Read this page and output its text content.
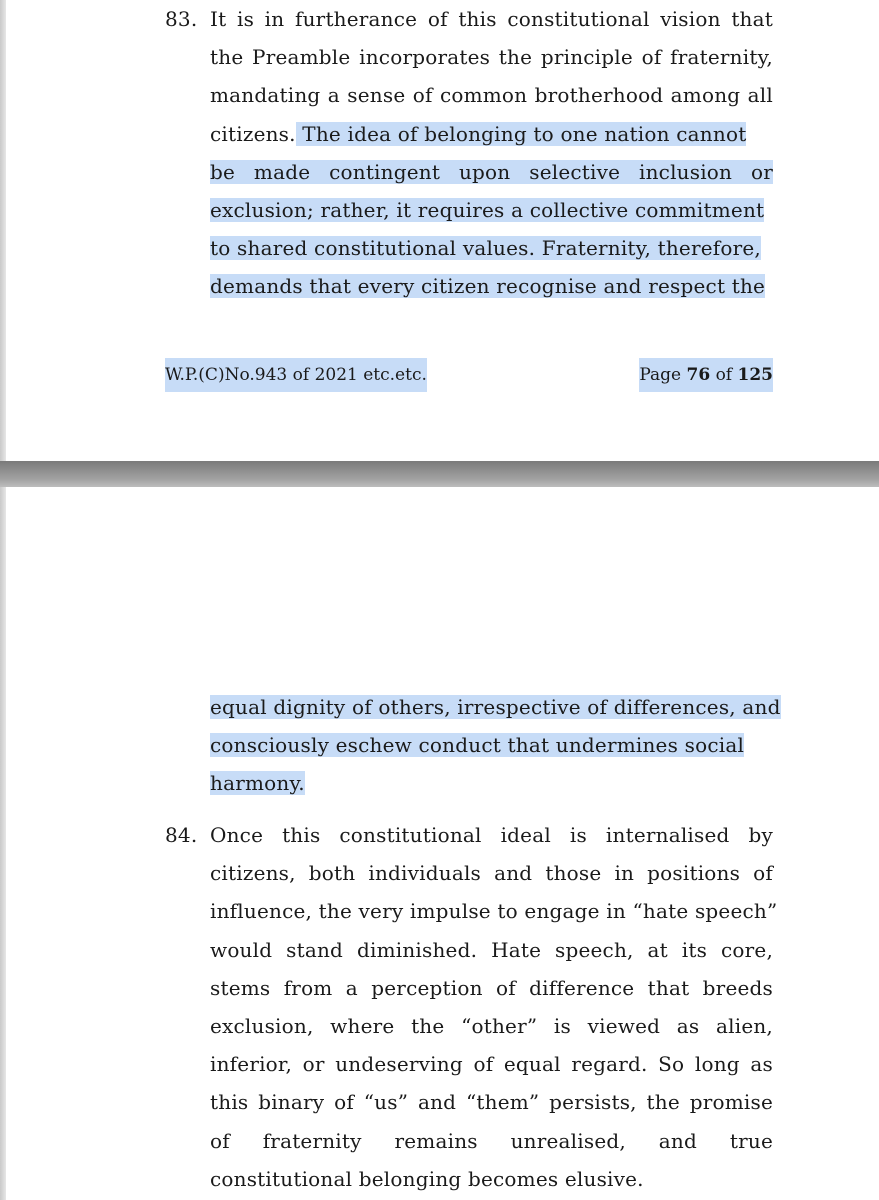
83. It is in furtherance of this constitutional vision that
the Preamble incorporates the principle of fraternity,
mandating a sense of common brotherhood among all
citizens. The idea of belonging to one nation cannot
be made contingent upon selective inclusion or
exclusion; rather, it requires a collective commitment
to shared constitutional values. Fraternity, therefore,
demands that every citizen recognise and respect the
W.P.(C)No.943 of 2021 etc.etc.	Page 76 of 125
equal dignity of others, irrespective of differences, and
consciously eschew conduct that undermines social
harmony.
84. Once this constitutional ideal is internalised by
citizens, both individuals and those in positions of
influence, the very impulse to engage in “hate speech”
would stand diminished. Hate speech, at its core,
stems from a perception of difference that breeds
exclusion, where the “other” is viewed as alien,
inferior, or undeserving of equal regard. So long as
this binary of “us” and “them” persists, the promise
of fraternity remains unrealised, and true
constitutional belonging becomes elusive.
